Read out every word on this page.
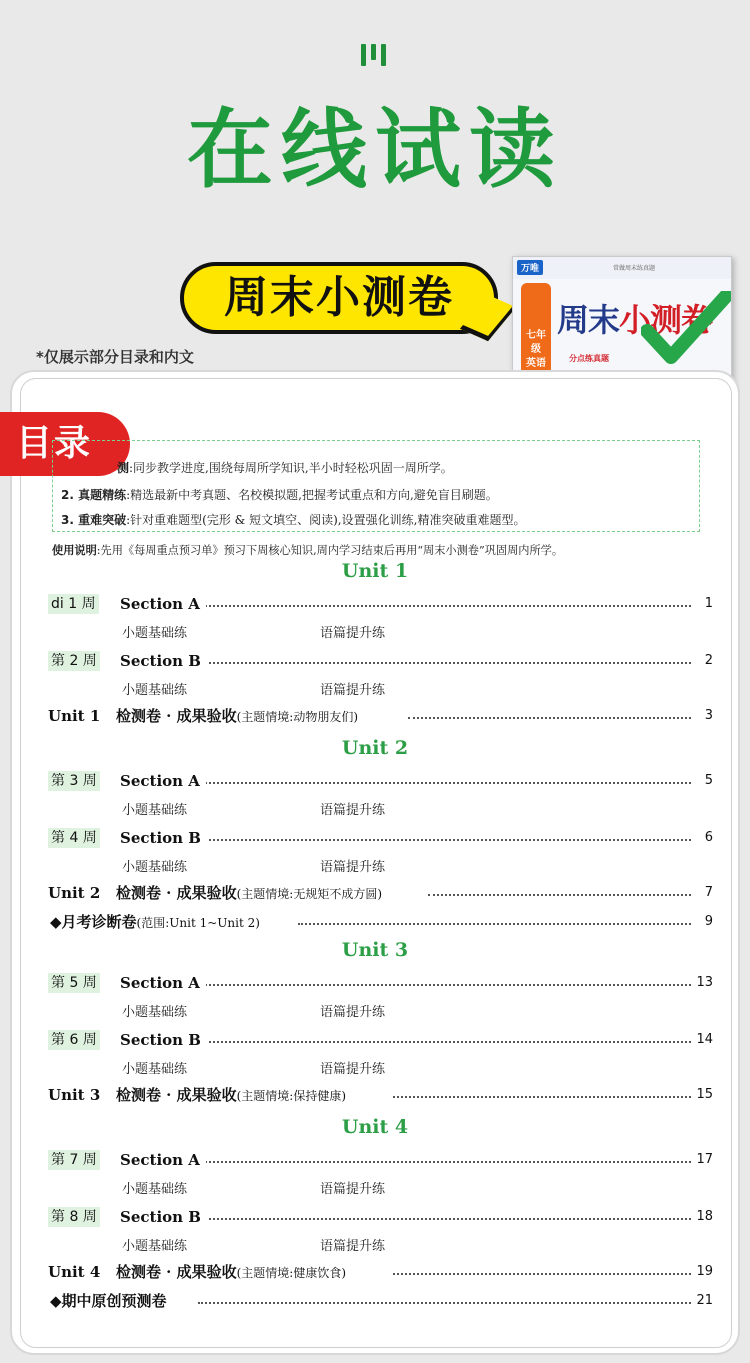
在线试读
周末小测卷
万唯	常做周末练真题
七年级
英语
周末小测卷
分点练真题
*仅展示部分目录和内文
目录
测:同步教学进度,围绕每周所学知识,半小时轻松巩固一周所学。
2. 真题精练:精选最新中考真题、名校模拟题,把握考试重点和方向,避免盲目刷题。
3. 重难突破:针对重难题型(完形 & 短文填空、阅读),设置强化训练,精准突破重难题型。
使用说明:先用《每周重点预习单》预习下周核心知识,周内学习结束后再用“周末小测卷”巩固周内所学。
Unit 1
di 1 周 Section A	1
小题基础练	语篇提升练
第 2 周 Section B	2
小题基础练	语篇提升练
Unit 1 检测卷 · 成果验收(主题情境:动物朋友们)	3
Unit 2
第 3 周 Section A	5
小题基础练	语篇提升练
第 4 周 Section B	6
小题基础练	语篇提升练
Unit 2 检测卷 · 成果验收(主题情境:无规矩不成方圆)	7
◆月考诊断卷(范围:Unit 1~Unit 2)	9
Unit 3
第 5 周 Section A	13
小题基础练	语篇提升练
第 6 周 Section B	14
小题基础练	语篇提升练
Unit 3 检测卷 · 成果验收(主题情境:保持健康)	15
Unit 4
第 7 周 Section A	17
小题基础练	语篇提升练
第 8 周 Section B	18
小题基础练	语篇提升练
Unit 4 检测卷 · 成果验收(主题情境:健康饮食)	19
◆期中原创预测卷	21
